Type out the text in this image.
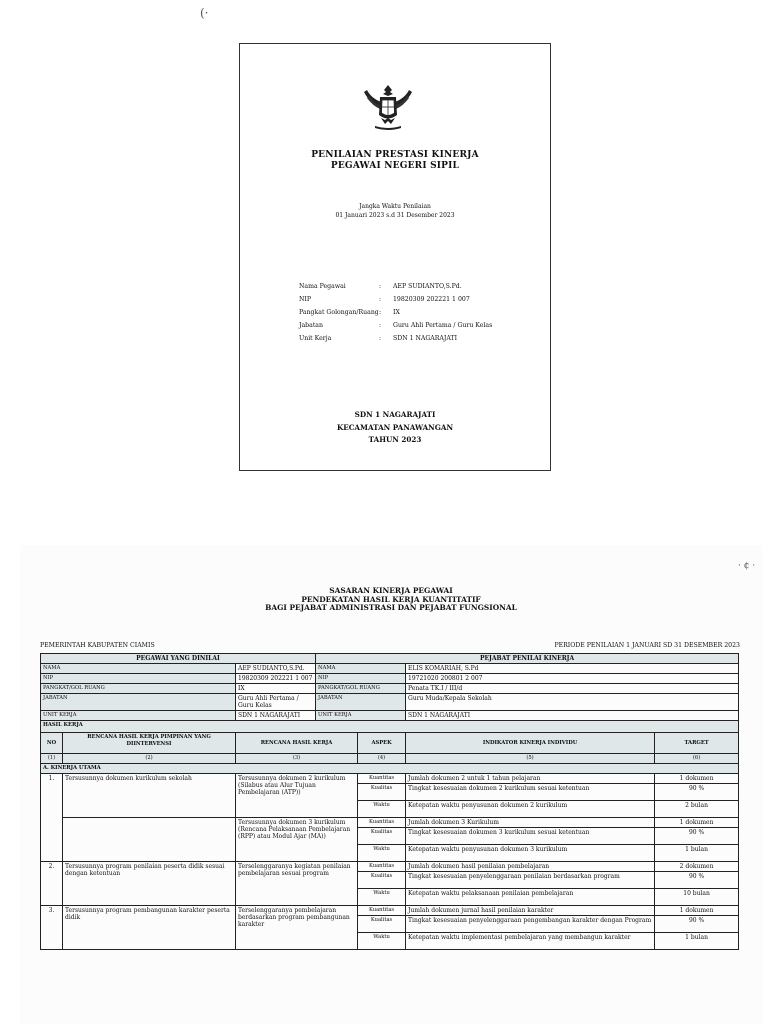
(·
PENILAIAN PRESTASI KINERJA
PEGAWAI NEGERI SIPIL
Jangka Waktu Penilaian
01 Januari 2023 s.d 31 Desember 2023
Nama Pegawai	:	AEP SUDIANTO,S.Pd.
NIP	:	19820309 202221 1 007
Pangkat Golongan/Ruang :	IX
Jabatan	:	Guru Ahli Pertama / Guru Kelas
Unit Kerja	:	SDN 1 NAGARAJATI
SDN 1 NAGARAJATI
KECAMATAN PANAWANGAN
TAHUN 2023
· ¢ ·
SASARAN KINERJA PEGAWAI
PENDEKATAN HASIL KERJA KUANTITATIF
BAGI PEJABAT ADMINISTRASI DAN PEJABAT FUNGSIONAL
PEMERINTAH KABUPATEN CIAMIS	PERIODE PENILAIAN 1 JANUARI SD 31 DESEMBER 2023
PEGAWAI YANG DINILAI			PEJABAT PENILAI KINERJA			
NAMA		AEP SUDIANTO,S.Pd.	NAMA		ELIS KOMARIAH, S.Pd	
NIP		19820309 202221 1 007	NIP		19721020 200801 2 007	
PANGKAT/GOL RUANG		IX	PANGKAT/GOL RUANG		Penata TK.I / III/d	
JABATAN		Guru Ahli Pertama / Guru Kelas	JABATAN		Guru Muda/Kepala Sekolah	
UNIT KERJA		SDN 1 NAGARAJATI	UNIT KERJA		SDN 1 NAGARAJATI	
HASIL KERJA						
NO	RENCANA HASIL KERJA PIMPINAN YANG DIINTERVENSI	RENCANA HASIL KERJA		ASPEK	INDIKATOR KINERJA INDIVIDU	TARGET
(1)	(2)	(3)		(4)	(5)	(6)
A. KINERJA UTAMA						
1.	Tersusunnya dokumen kurikulum sekolah	Tersusunnya dokumen 2 kurikulum (Silabus atau Alur Tujuan Pembelajaran (ATP))		Kuantitas	Jumlah dokumen 2 untuk 1 tahun pelajaran	1 dokumen
				Kualitas	Tingkat kesesuaian dokumen 2 kurikulum sesuai ketentuan	90 %
				Waktu	Ketepatan waktu penyusunan dokumen 2 kurikulum	2 bulan
		Tersusunnya dokumen 3 kurikulum (Rencana Pelaksanaan Pembelajaran (RPP) atau Modul Ajar (MA))		Kuantitas	Jumlah dokumen 3 Kurikulum	1 dokumen
				Kualitas	Tingkat kesesuaian dokumen 3 kurikulum sesuai ketentuan	90 %
				Waktu	Ketepatan waktu penyusunan dokumen 3 kurikulum	1 bulan
2.	Tersusunnya program penilaian peserta didik sesuai dengan ketentuan	Terselenggaranya kegiatan penilaian pembelajaran sesuai program		Kuantitas	Jumlah dokumen hasil penilaian pembelajaran	2 dokumen
				Kualitas	Tingkat kesesuaian penyelenggaraan penilaian berdasarkan program	90 %
				Waktu	Ketepatan waktu pelaksanaan penilaian pembelajaran	10 bulan
3.	Tersusunnya program pembangunan karakter peserta didik	Terselenggaranya pembelajaran berdasarkan program pembangunan karakter		Kuantitas	Jumlah dokumen jurnal hasil penilaian karakter	1 dokumen
				Kualitas	Tingkat kesesuaian penyelenggaraan pengembangan karakter dengan Program	90 %
				Waktu	Ketepatan waktu implementasi pembelajaran yang membangun karakter	1 bulan
